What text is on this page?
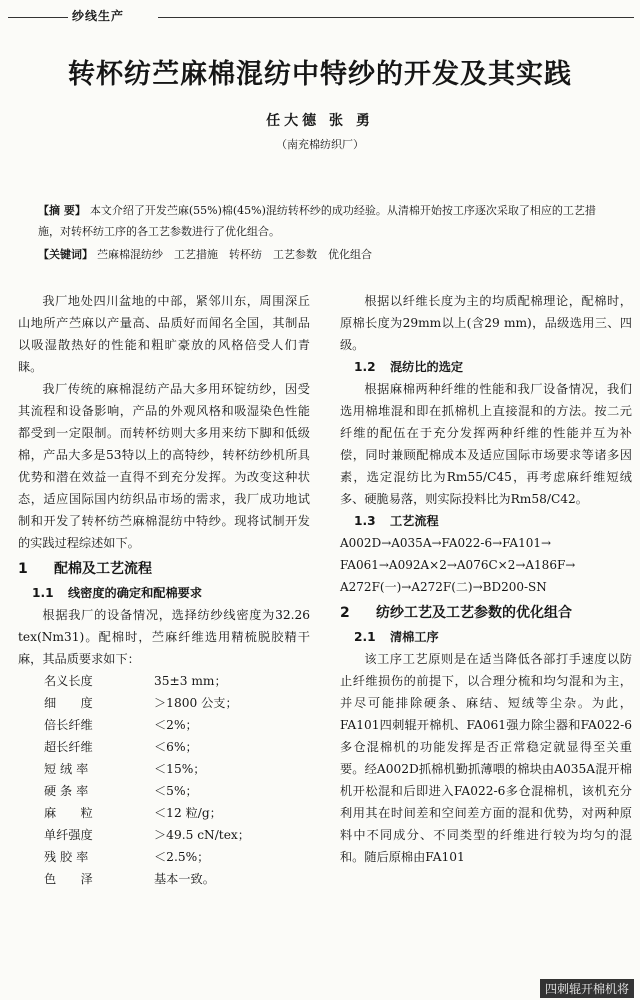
纱线生产
转杯纺苎麻棉混纺中特纱的开发及其实践
任大德 张 勇
（南充棉纺织厂）
【摘 要】 本文介绍了开发苎麻(55%)棉(45%)混纺转杯纱的成功经验。从清棉开始按工序逐次采取了相应的工艺措施，对转杯纺工序的各工艺参数进行了优化组合。
【关键词】 苎麻棉混纺纱　工艺措施　转杯纺　工艺参数　优化组合

我厂地处四川盆地的中部，紧邻川东，周围深丘山地所产苎麻以产量高、品质好而闻名全国，其制品以吸湿散热好的性能和粗旷豪放的风格倍受人们青睐。

我厂传统的麻棉混纺产品大多用环锭纺纱，因受其流程和设备影响，产品的外观风格和吸湿染色性能都受到一定限制。而转杯纺则大多用来纺下脚和低级棉，产品大多是53特以上的高特纱，转杯纺纱机所具优势和潜在效益一直得不到充分发挥。为改变这种状态，适应国际国内纺织品市场的需求，我厂成功地试制和开发了转杯纺苎麻棉混纺中特纱。现将试制开发的实践过程综述如下。

1 配棉及工艺流程
1.1 线密度的确定和配棉要求

根据我厂的设备情况，选择纺纱线密度为32.26 tex(Nm31)。配棉时，苎麻纤维选用精梳脱胶精干麻，其品质要求如下：

名义长度	35±3 mm；
细　　度	＞1800 公支；
倍长纤维	＜2%；
超长纤维	＜6%；
短 绒 率	＜15%；
硬 条 率	＜5%；
麻　　粒	＜12 粒/g；
单纤强度	＞49.5 cN/tex；
残 胶 率	＜2.5%；
色　　泽	基本一致。

根据以纤维长度为主的均质配棉理论，配棉时，原棉长度为29mm以上(含29 mm)，品级选用三、四级。

1.2 混纺比的选定

根据麻棉两种纤维的性能和我厂设备情况，我们选用棉堆混和即在抓棉机上直接混和的方法。按二元纤维的配伍在于充分发挥两种纤维的性能并互为补偿，同时兼顾配棉成本及适应国际市场要求等诸多因素，选定混纺比为Rm55/C45，再考虑麻纤维短绒多、硬脆易落，则实际投料比为Rm58/C42。

1.3 工艺流程

A002D→A035A→FA022-6→FA101→

FA061→A092A×2→A076C×2→A186F→

A272F(一)→A272F(二)→BD200-SN

2 纺纱工艺及工艺参数的优化组合
2.1 清棉工序

该工序工艺原则是在适当降低各部打手速度以防止纤维损伤的前提下，以合理分梳和均匀混和为主，并尽可能排除硬条、麻结、短绒等尘杂。为此，FA101四刺辊开棉机、FA061强力除尘器和FA022-6多仓混棉机的功能发挥是否正常稳定就显得至关重要。经A002D抓棉机勤抓薄喂的棉块由A035A混开棉机开松混和后即进入FA022-6多仓混棉机，该机充分利用其在时间差和空间差方面的混和优势，对两种原料中不同成分、不同类型的纤维进行较为均匀的混和。随后原棉由FA101

四刺辊开棉机将
